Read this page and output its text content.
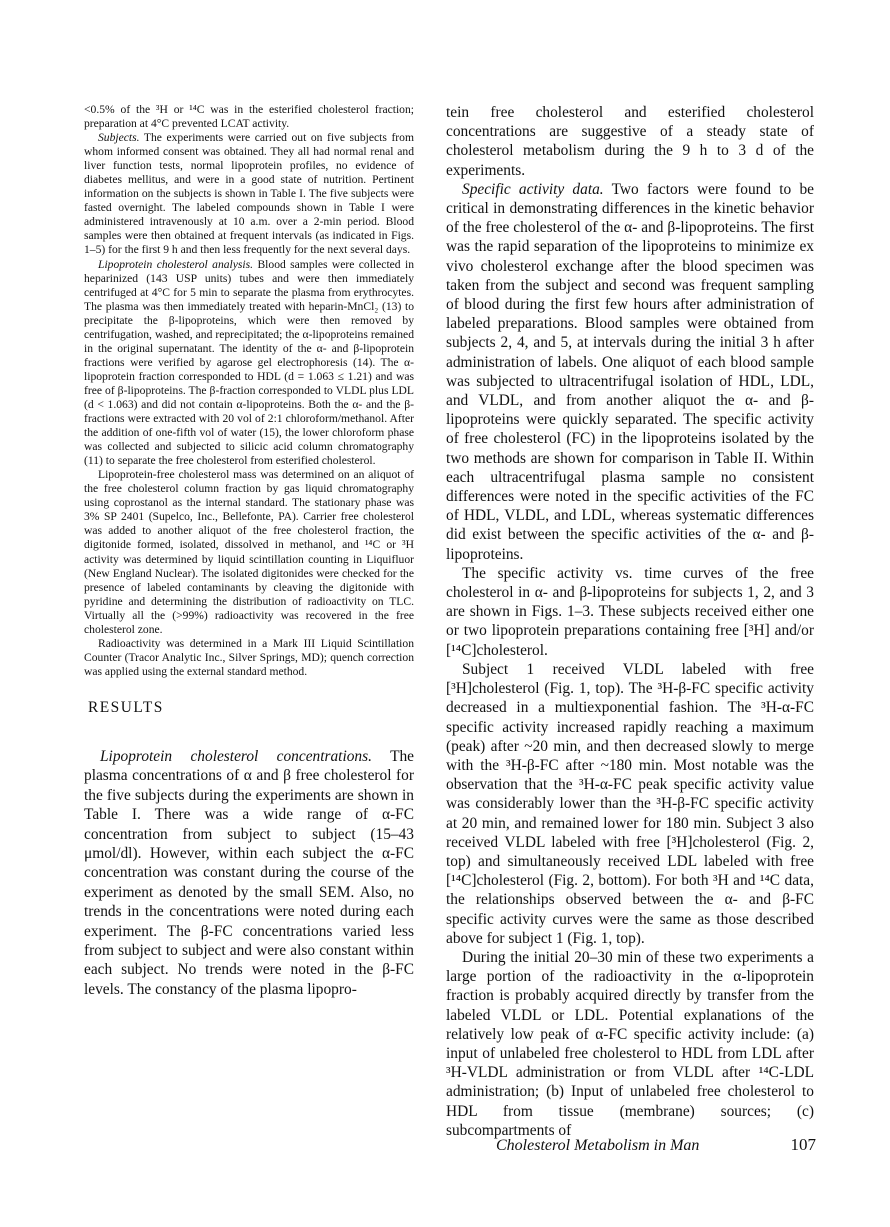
<0.5% of the ³H or ¹⁴C was in the esterified cholesterol fraction; preparation at 4°C prevented LCAT activity.

Subjects. The experiments were carried out on five subjects from whom informed consent was obtained. They all had normal renal and liver function tests, normal lipoprotein profiles, no evidence of diabetes mellitus, and were in a good state of nutrition. Pertinent information on the subjects is shown in Table I. The five subjects were fasted overnight. The labeled compounds shown in Table I were administered intravenously at 10 a.m. over a 2-min period. Blood samples were then obtained at frequent intervals (as indicated in Figs. 1–5) for the first 9 h and then less frequently for the next several days.

Lipoprotein cholesterol analysis. Blood samples were collected in heparinized (143 USP units) tubes and were then immediately centrifuged at 4°C for 5 min to separate the plasma from erythrocytes. The plasma was then immediately treated with heparin-MnCl₂ (13) to precipitate the β-lipoproteins, which were then removed by centrifugation, washed, and reprecipitated; the α-lipoproteins remained in the original supernatant. The identity of the α- and β-lipoprotein fractions were verified by agarose gel electrophoresis (14). The α-lipoprotein fraction corresponded to HDL (d = 1.063 ≤ 1.21) and was free of β-lipoproteins. The β-fraction corresponded to VLDL plus LDL (d < 1.063) and did not contain α-lipoproteins. Both the α- and the β-fractions were extracted with 20 vol of 2:1 chloroform/methanol. After the addition of one-fifth vol of water (15), the lower chloroform phase was collected and subjected to silicic acid column chromatography (11) to separate the free cholesterol from esterified cholesterol.

Lipoprotein-free cholesterol mass was determined on an aliquot of the free cholesterol column fraction by gas liquid chromatography using coprostanol as the internal standard. The stationary phase was 3% SP 2401 (Supelco, Inc., Bellefonte, PA). Carrier free cholesterol was added to another aliquot of the free cholesterol fraction, the digitonide formed, isolated, dissolved in methanol, and ¹⁴C or ³H activity was determined by liquid scintillation counting in Liquifluor (New England Nuclear). The isolated digitonides were checked for the presence of labeled contaminants by cleaving the digitonide with pyridine and determining the distribution of radioactivity on TLC. Virtually all the (>99%) radioactivity was recovered in the free cholesterol zone.

Radioactivity was determined in a Mark III Liquid Scintillation Counter (Tracor Analytic Inc., Silver Springs, MD); quench correction was applied using the external standard method.

RESULTS

Lipoprotein cholesterol concentrations. The plasma concentrations of α and β free cholesterol for the five subjects during the experiments are shown in Table I. There was a wide range of α-FC concentration from subject to subject (15–43 μmol/dl). However, within each subject the α-FC concentration was constant during the course of the experiment as denoted by the small SEM. Also, no trends in the concentrations were noted during each experiment. The β-FC concentrations varied less from subject to subject and were also constant within each subject. No trends were noted in the β-FC levels. The constancy of the plasma lipopro-

tein free cholesterol and esterified cholesterol concentrations are suggestive of a steady state of cholesterol metabolism during the 9 h to 3 d of the experiments.

Specific activity data. Two factors were found to be critical in demonstrating differences in the kinetic behavior of the free cholesterol of the α- and β-lipoproteins. The first was the rapid separation of the lipoproteins to minimize ex vivo cholesterol exchange after the blood specimen was taken from the subject and second was frequent sampling of blood during the first few hours after administration of labeled preparations. Blood samples were obtained from subjects 2, 4, and 5, at intervals during the initial 3 h after administration of labels. One aliquot of each blood sample was subjected to ultracentrifugal isolation of HDL, LDL, and VLDL, and from another aliquot the α- and β-lipoproteins were quickly separated. The specific activity of free cholesterol (FC) in the lipoproteins isolated by the two methods are shown for comparison in Table II. Within each ultracentrifugal plasma sample no consistent differences were noted in the specific activities of the FC of HDL, VLDL, and LDL, whereas systematic differences did exist between the specific activities of the α- and β-lipoproteins.

The specific activity vs. time curves of the free cholesterol in α- and β-lipoproteins for subjects 1, 2, and 3 are shown in Figs. 1–3. These subjects received either one or two lipoprotein preparations containing free [³H] and/or [¹⁴C]cholesterol.

Subject 1 received VLDL labeled with free [³H]cholesterol (Fig. 1, top). The ³H-β-FC specific activity decreased in a multiexponential fashion. The ³H-α-FC specific activity increased rapidly reaching a maximum (peak) after ~20 min, and then decreased slowly to merge with the ³H-β-FC after ~180 min. Most notable was the observation that the ³H-α-FC peak specific activity value was considerably lower than the ³H-β-FC specific activity at 20 min, and remained lower for 180 min. Subject 3 also received VLDL labeled with free [³H]cholesterol (Fig. 2, top) and simultaneously received LDL labeled with free [¹⁴C]cholesterol (Fig. 2, bottom). For both ³H and ¹⁴C data, the relationships observed between the α- and β-FC specific activity curves were the same as those described above for subject 1 (Fig. 1, top).

During the initial 20–30 min of these two experiments a large portion of the radioactivity in the α-lipoprotein fraction is probably acquired directly by transfer from the labeled VLDL or LDL. Potential explanations of the relatively low peak of α-FC specific activity include: (a) input of unlabeled free cholesterol to HDL from LDL after ³H-VLDL administration or from VLDL after ¹⁴C-LDL administration; (b) Input of unlabeled free cholesterol to HDL from tissue (membrane) sources; (c) subcompartments of

Cholesterol Metabolism in Man	107
